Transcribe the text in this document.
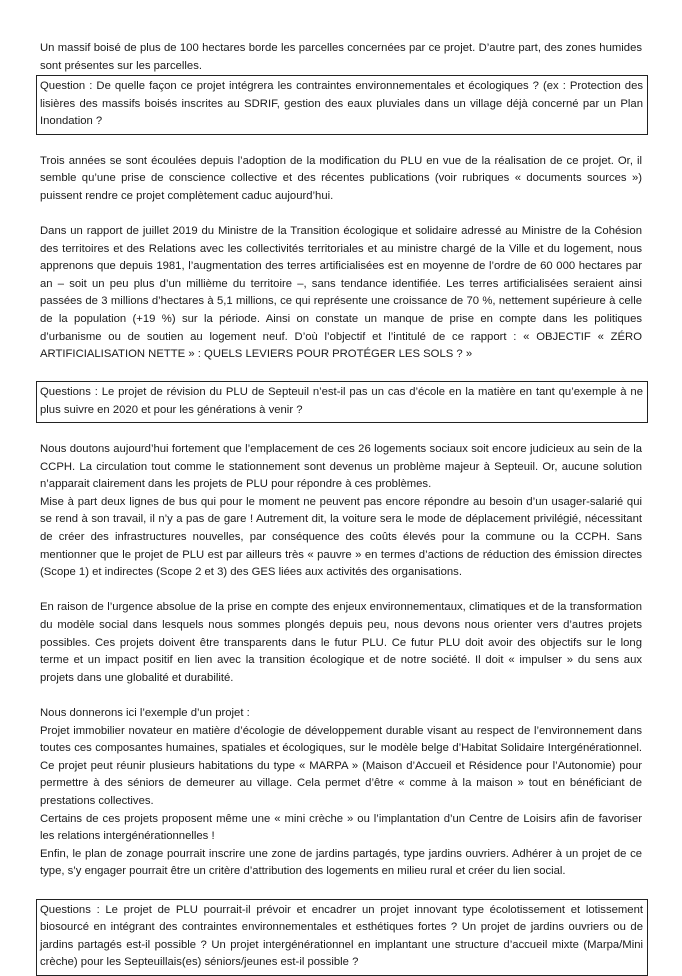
Un massif boisé de plus de 100 hectares borde les parcelles concernées par ce projet. D’autre part, des zones humides sont présentes sur les parcelles.

Question : De quelle façon ce projet intégrera les contraintes environnementales et écologiques ? (ex : Protection des lisières des massifs boisés inscrites au SDRIF, gestion des eaux pluviales dans un village déjà concerné par un Plan Inondation ?

Trois années se sont écoulées depuis l’adoption de la modification du PLU en vue de la réalisation de ce projet. Or, il semble qu’une prise de conscience collective et des récentes publications (voir rubriques « documents sources ») puissent rendre ce projet complètement caduc aujourd’hui.

Dans un rapport de juillet 2019 du Ministre de la Transition écologique et solidaire adressé au Ministre de la Cohésion des territoires et des Relations avec les collectivités territoriales et au ministre chargé de la Ville et du logement, nous apprenons que depuis 1981, l’augmentation des terres artificialisées est en moyenne de l’ordre de 60 000 hectares par an – soit un peu plus d’un millième du territoire –, sans tendance identifiée. Les terres artificialisées seraient ainsi passées de 3 millions d’hectares à 5,1 millions, ce qui représente une croissance de 70 %, nettement supérieure à celle de la population (+19 %) sur la période. Ainsi on constate un manque de prise en compte dans les politiques d’urbanisme ou de soutien au logement neuf. D’où l’objectif et l’intitulé de ce rapport : « OBJECTIF « ZÉRO ARTIFICIALISATION NETTE » : QUELS LEVIERS POUR PROTÉGER LES SOLS ? »

Questions : Le projet de révision du PLU de Septeuil n’est-il pas un cas d’école en la matière en tant qu’exemple à ne plus suivre en 2020 et pour les générations à venir ?

Nous doutons aujourd’hui fortement que l’emplacement de ces 26 logements sociaux soit encore judicieux au sein de la CCPH. La circulation tout comme le stationnement sont devenus un problème majeur à Septeuil. Or, aucune solution n’apparait clairement dans les projets de PLU pour répondre à ces problèmes.

Mise à part deux lignes de bus qui pour le moment ne peuvent pas encore répondre au besoin d’un usager-salarié qui se rend à son travail, il n’y a pas de gare ! Autrement dit, la voiture sera le mode de déplacement privilégié, nécessitant de créer des infrastructures nouvelles, par conséquence des coûts élevés pour la commune ou la CCPH. Sans mentionner que le projet de PLU est par ailleurs très « pauvre » en termes d’actions de réduction des émission directes (Scope 1) et indirectes (Scope 2 et 3) des GES liées aux activités des organisations.

En raison de l’urgence absolue de la prise en compte des enjeux environnementaux, climatiques et de la transformation du modèle social dans lesquels nous sommes plongés depuis peu, nous devons nous orienter vers d’autres projets possibles. Ces projets doivent être transparents dans le futur PLU. Ce futur PLU doit avoir des objectifs sur le long terme et un impact positif en lien avec la transition écologique et de notre société. Il doit « impulser » du sens aux projets dans une globalité et durabilité.

Nous donnerons ici l’exemple d’un projet :

Projet immobilier novateur en matière d’écologie de développement durable visant au respect de l’environnement dans toutes ces composantes humaines, spatiales et écologiques, sur le modèle belge d’Habitat Solidaire Intergénérationnel. Ce projet peut réunir plusieurs habitations du type « MARPA » (Maison d’Accueil et Résidence pour l’Autonomie) pour permettre à des séniors de demeurer au village. Cela permet d’être « comme à la maison » tout en bénéficiant de prestations collectives.

Certains de ces projets proposent même une « mini crèche » ou l’implantation d’un Centre de Loisirs afin de favoriser les relations intergénérationnelles !

Enfin, le plan de zonage pourrait inscrire une zone de jardins partagés, type jardins ouvriers. Adhérer à un projet de ce type, s’y engager pourrait être un critère d’attribution des logements en milieu rural et créer du lien social.

Questions : Le projet de PLU pourrait-il prévoir et encadrer un projet innovant type écolotissement et lotissement biosourcé en intégrant des contraintes environnementales et esthétiques fortes ? Un projet de jardins ouvriers ou de jardins partagés est-il possible ? Un projet intergénérationnel en implantant une structure d’accueil mixte (Marpa/Mini crèche) pour les Septeuillais(es) séniors/jeunes est-il possible ?
